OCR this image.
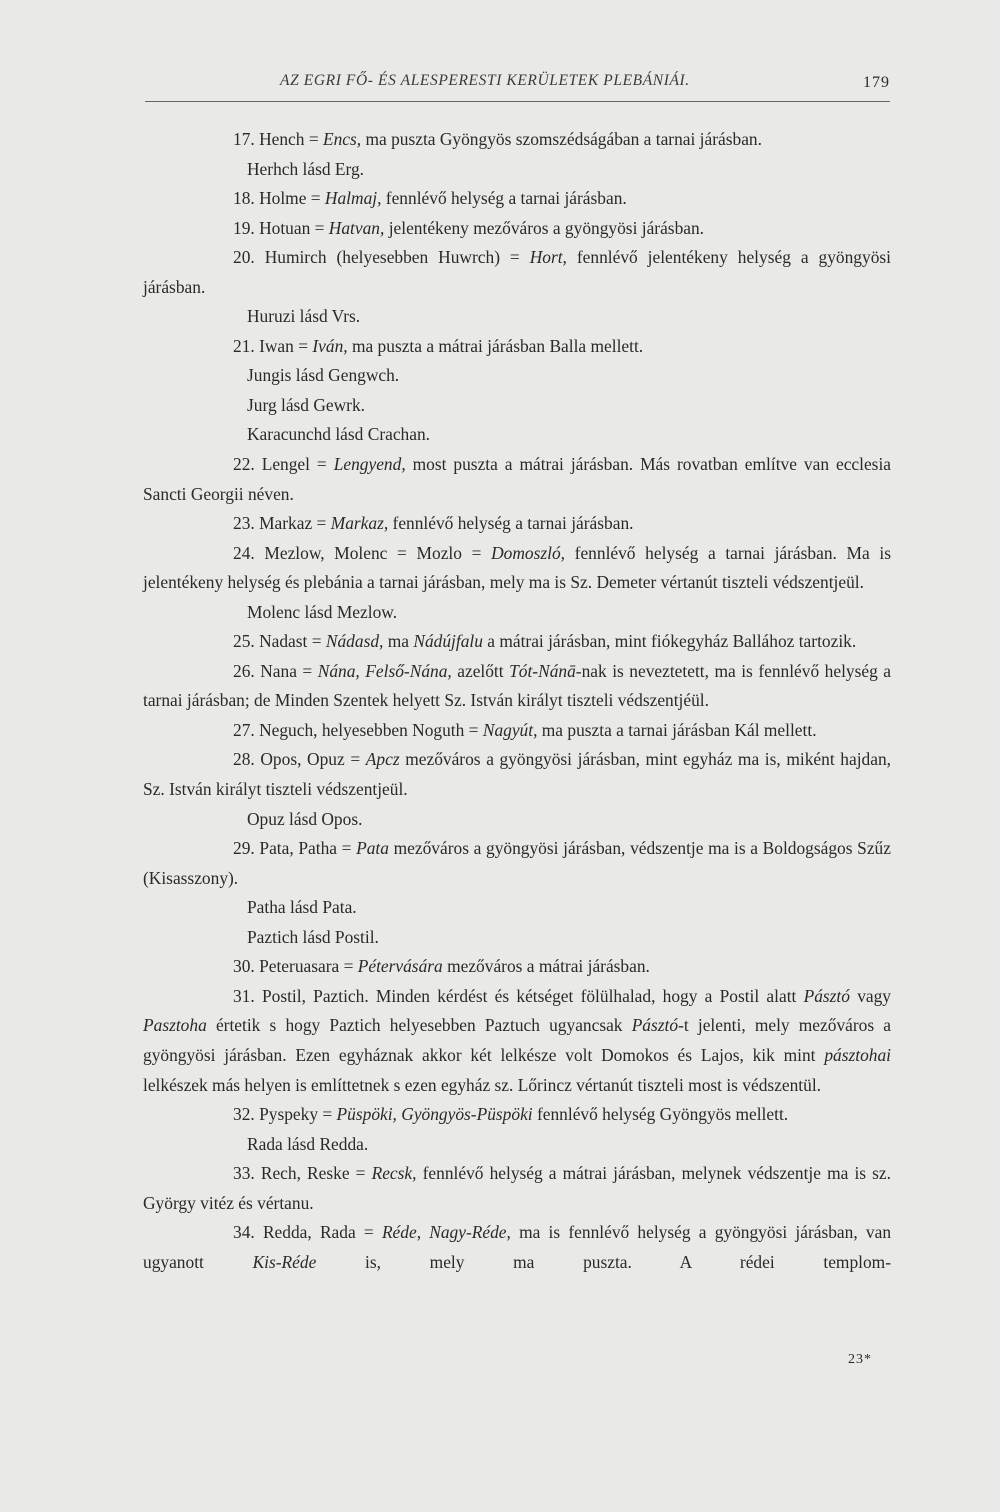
AZ EGRI FŐ- ÉS ALESPERESTI KERÜLETEK PLEBÁNIÁI.	179

17. Hench = Encs, ma puszta Gyöngyös szomszédságában a tarnai járásban.

Herhch lásd Erg.

18. Holme = Halmaj, fennlévő helység a tarnai járásban.

19. Hotuan = Hatvan, jelentékeny mezőváros a gyöngyösi járásban.

20. Humirch (helyesebben Huwrch) = Hort, fennlévő jelentékeny helység a gyöngyösi járásban.

Huruzi lásd Vrs.

21. Iwan = Iván, ma puszta a mátrai járásban Balla mellett.

Jungis lásd Gengwch.

Jurg lásd Gewrk.

Karacunchd lásd Crachan.

22. Lengel = Lengyend, most puszta a mátrai járásban. Más rovatban említve van ecclesia Sancti Georgii néven.

23. Markaz = Markaz, fennlévő helység a tarnai járásban.

24. Mezlow, Molenc = Mozlo = Domoszló, fennlévő helység a tarnai járásban. Ma is jelentékeny helység és plebánia a tarnai járásban, mely ma is Sz. Demeter vértanút tiszteli védszentjeül.

Molenc lásd Mezlow.

25. Nadast = Nádasd, ma Nádújfalu a mátrai járásban, mint fiókegyház Ballához tartozik.

26. Nana = Nána, Felső-Nána, azelőtt Tót-Nánā-nak is neveztetett, ma is fennlévő helység a tarnai járásban; de Minden Szentek helyett Sz. István királyt tiszteli védszentjéül.

27. Neguch, helyesebben Noguth = Nagyút, ma puszta a tarnai járásban Kál mellett.

28. Opos, Opuz = Apcz mezőváros a gyöngyösi járásban, mint egyház ma is, miként hajdan, Sz. István királyt tiszteli védszentjeül.

Opuz lásd Opos.

29. Pata, Patha = Pata mezőváros a gyöngyösi járásban, védszentje ma is a Boldogságos Szűz (Kisasszony).

Patha lásd Pata.

Paztich lásd Postil.

30. Peteruasara = Pétervására mezőváros a mátrai járásban.

31. Postil, Paztich. Minden kérdést és kétséget fölülhalad, hogy a Postil alatt Pásztó vagy Pasztoha értetik s hogy Paztich helyesebben Paztuch ugyancsak Pásztó-t jelenti, mely mezőváros a gyöngyösi járásban. Ezen egyháznak akkor két lelkésze volt Domokos és Lajos, kik mint pásztohai lelkészek más helyen is említtetnek s ezen egyház sz. Lőrincz vértanút tiszteli most is védszentül.

32. Pyspeky = Püspöki, Gyöngyös-Püspöki fennlévő helység Gyöngyös mellett.

Rada lásd Redda.

33. Rech, Reske = Recsk, fennlévő helység a mátrai járásban, melynek védszentje ma is sz. György vitéz és vértanu.

34. Redda, Rada = Réde, Nagy-Réde, ma is fennlévő helység a gyöngyösi járásban, van ugyanott Kis-Réde is, mely ma puszta. A rédei templom-

23*
